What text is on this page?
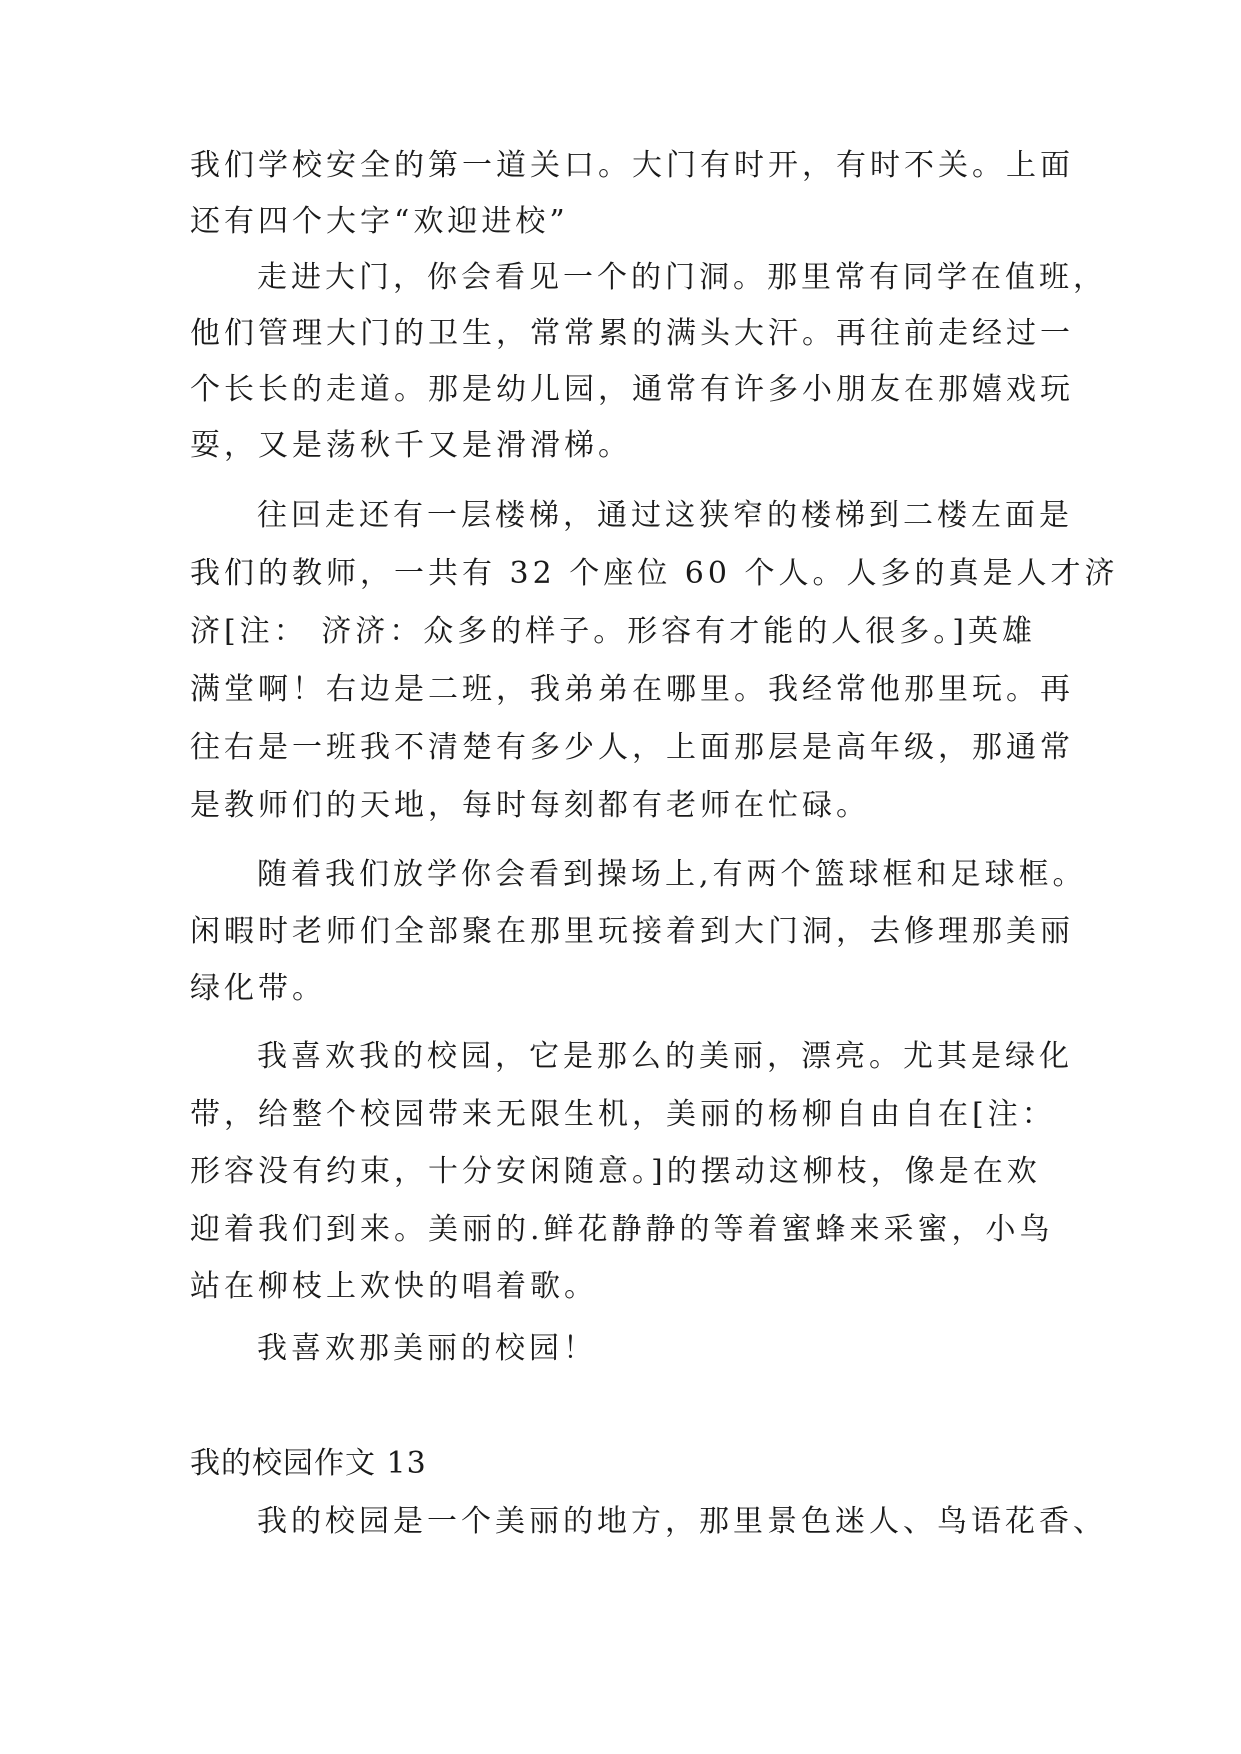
我们学校安全的第一道关口。大门有时开，有时不关。上面
还有四个大字“欢迎进校”
走进大门，你会看见一个的门洞。那里常有同学在值班，
他们管理大门的卫生，常常累的满头大汗。再往前走经过一
个长长的走道。那是幼儿园，通常有许多小朋友在那嬉戏玩
耍，又是荡秋千又是滑滑梯。
往回走还有一层楼梯，通过这狭窄的楼梯到二楼左面是
我们的教师，一共有 32 个座位 60 个人。人多的真是人才济
济[注： 济济：众多的样子。形容有才能的人很多。]英雄
满堂啊！右边是二班，我弟弟在哪里。我经常他那里玩。再
往右是一班我不清楚有多少人，上面那层是高年级，那通常
是教师们的天地，每时每刻都有老师在忙碌。
随着我们放学你会看到操场上,有两个篮球框和足球框。
闲暇时老师们全部聚在那里玩接着到大门洞，去修理那美丽
绿化带。
我喜欢我的校园，它是那么的美丽，漂亮。尤其是绿化
带，给整个校园带来无限生机，美丽的杨柳自由自在[注：
形容没有约束，十分安闲随意。]的摆动这柳枝，像是在欢
迎着我们到来。美丽的.鲜花静静的等着蜜蜂来采蜜，小鸟
站在柳枝上欢快的唱着歌。
我喜欢那美丽的校园！
我的校园作文 13
我的校园是一个美丽的地方，那里景色迷人、鸟语花香、
